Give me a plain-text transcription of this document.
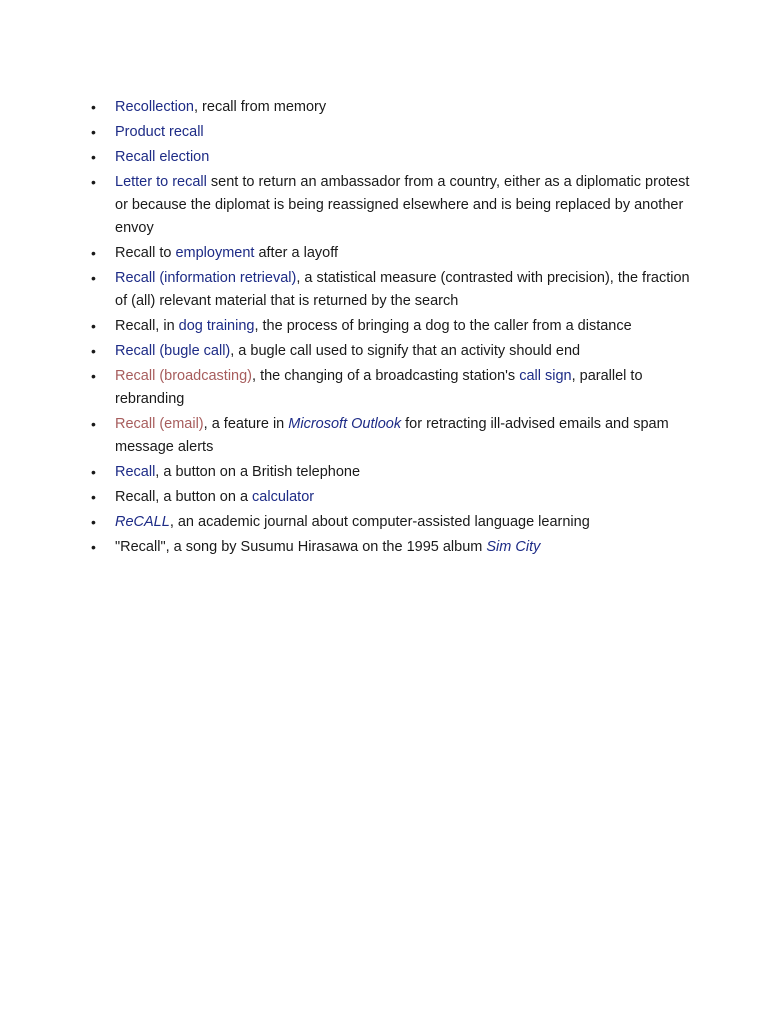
•	Recollection, recall from memory
•	Product recall
•	Recall election
•	Letter to recall sent to return an ambassador from a country, either as a diplomatic protest or because the diplomat is being reassigned elsewhere and is being replaced by another envoy
•	Recall to employment after a layoff
•	Recall (information retrieval), a statistical measure (contrasted with precision), the fraction of (all) relevant material that is returned by the search
•	Recall, in dog training, the process of bringing a dog to the caller from a distance
•	Recall (bugle call), a bugle call used to signify that an activity should end
•	Recall (broadcasting), the changing of a broadcasting station's call sign, parallel to rebranding
•	Recall (email), a feature in Microsoft Outlook for retracting ill-advised emails and spam message alerts
•	Recall, a button on a British telephone
•	Recall, a button on a calculator
•	ReCALL, an academic journal about computer-assisted language learning
•	"Recall", a song by Susumu Hirasawa on the 1995 album Sim City
